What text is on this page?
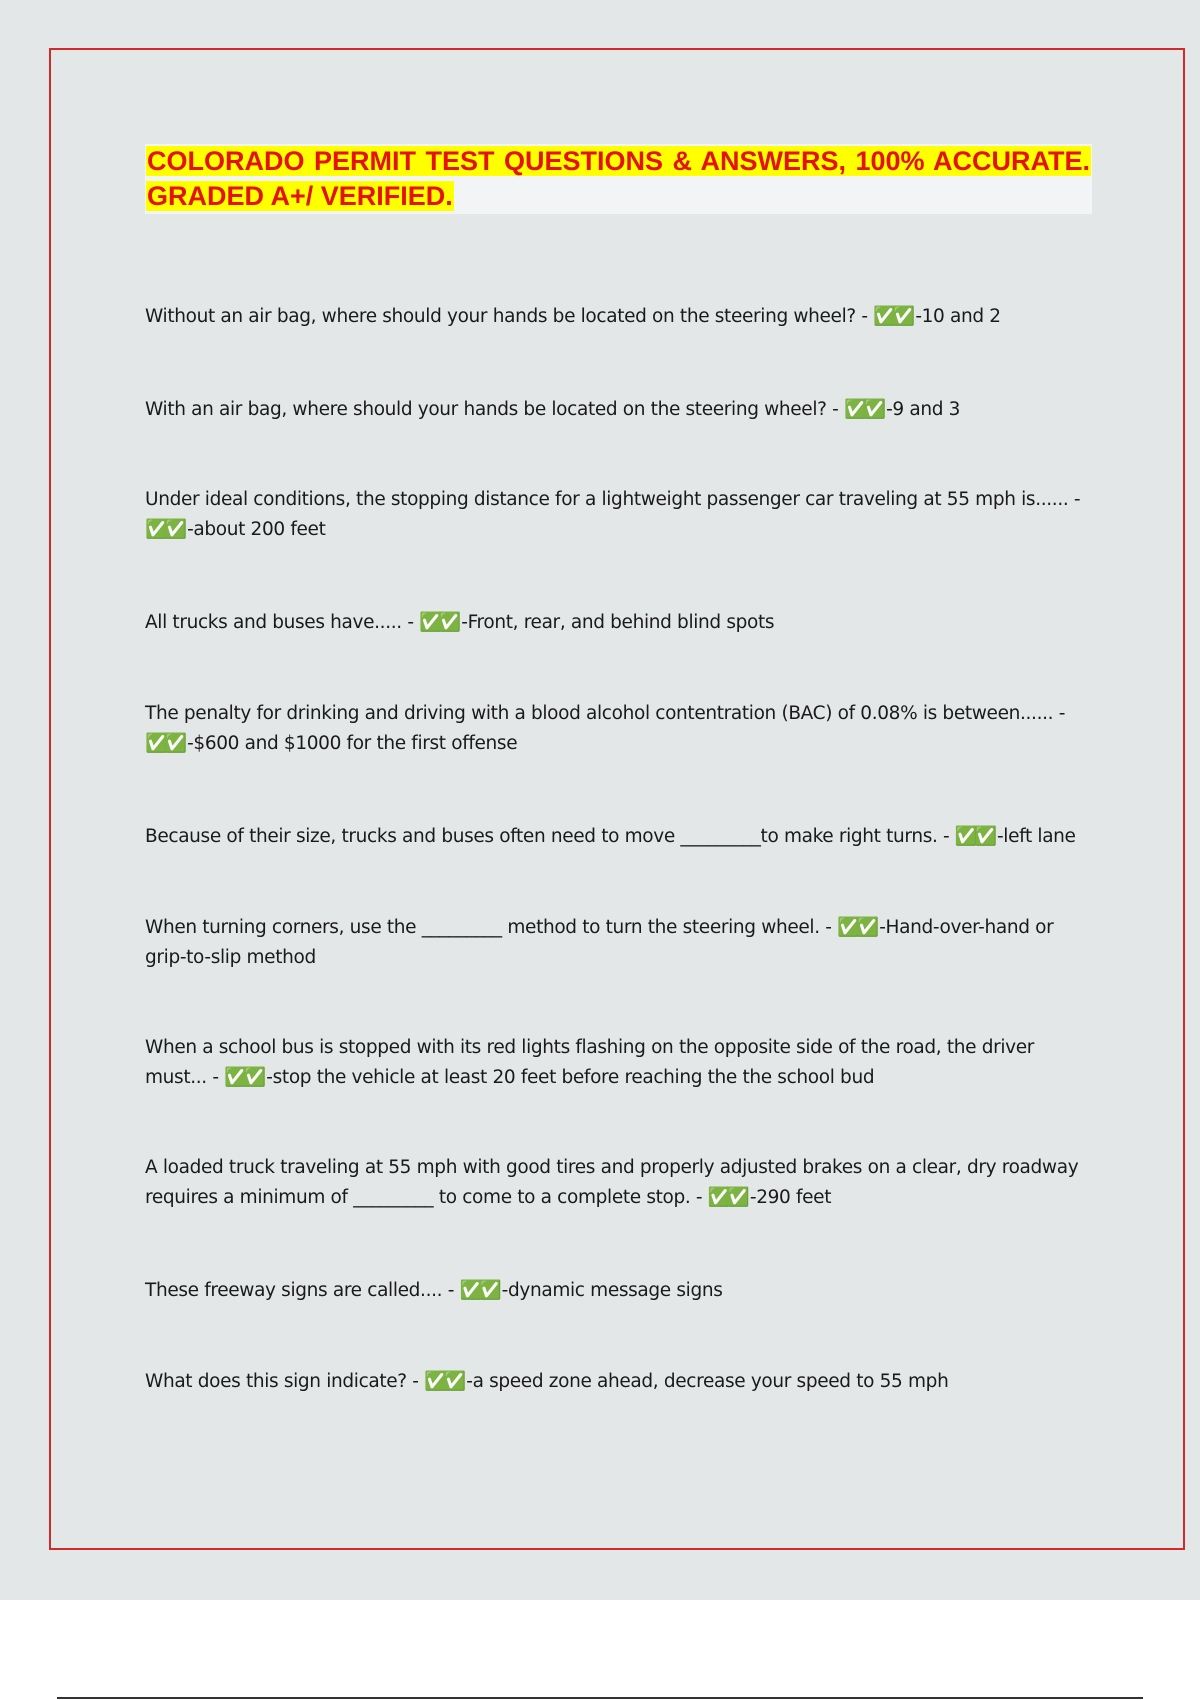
COLORADO PERMIT TEST QUESTIONS & ANSWERS, 100% ACCURATE. GRADED A+/ VERIFIED.

Without an air bag, where should your hands be located on the steering wheel? - ✅✅ -10 and 2

With an air bag, where should your hands be located on the steering wheel? - ✅✅ -9 and 3

Under ideal conditions, the stopping distance for a lightweight passenger car traveling at 55 mph is...... - ✅✅ -about 200 feet

All trucks and buses have..... - ✅✅ -Front, rear, and behind blind spots

The penalty for drinking and driving with a blood alcohol contentration (BAC) of 0.08% is between...... - ✅✅ -$600 and $1000 for the first offense

Because of their size, trucks and buses often need to move _________to make right turns. - ✅✅ -left lane

When turning corners, use the _________ method to turn the steering wheel. - ✅✅ -Hand-over-hand or grip-to-slip method

When a school bus is stopped with its red lights flashing on the opposite side of the road, the driver must... - ✅✅ -stop the vehicle at least 20 feet before reaching the the school bud

A loaded truck traveling at 55 mph with good tires and properly adjusted brakes on a clear, dry roadway requires a minimum of _________ to come to a complete stop. - ✅✅ -290 feet

These freeway signs are called.... - ✅✅ -dynamic message signs

What does this sign indicate? - ✅✅ -a speed zone ahead, decrease your speed to 55 mph
